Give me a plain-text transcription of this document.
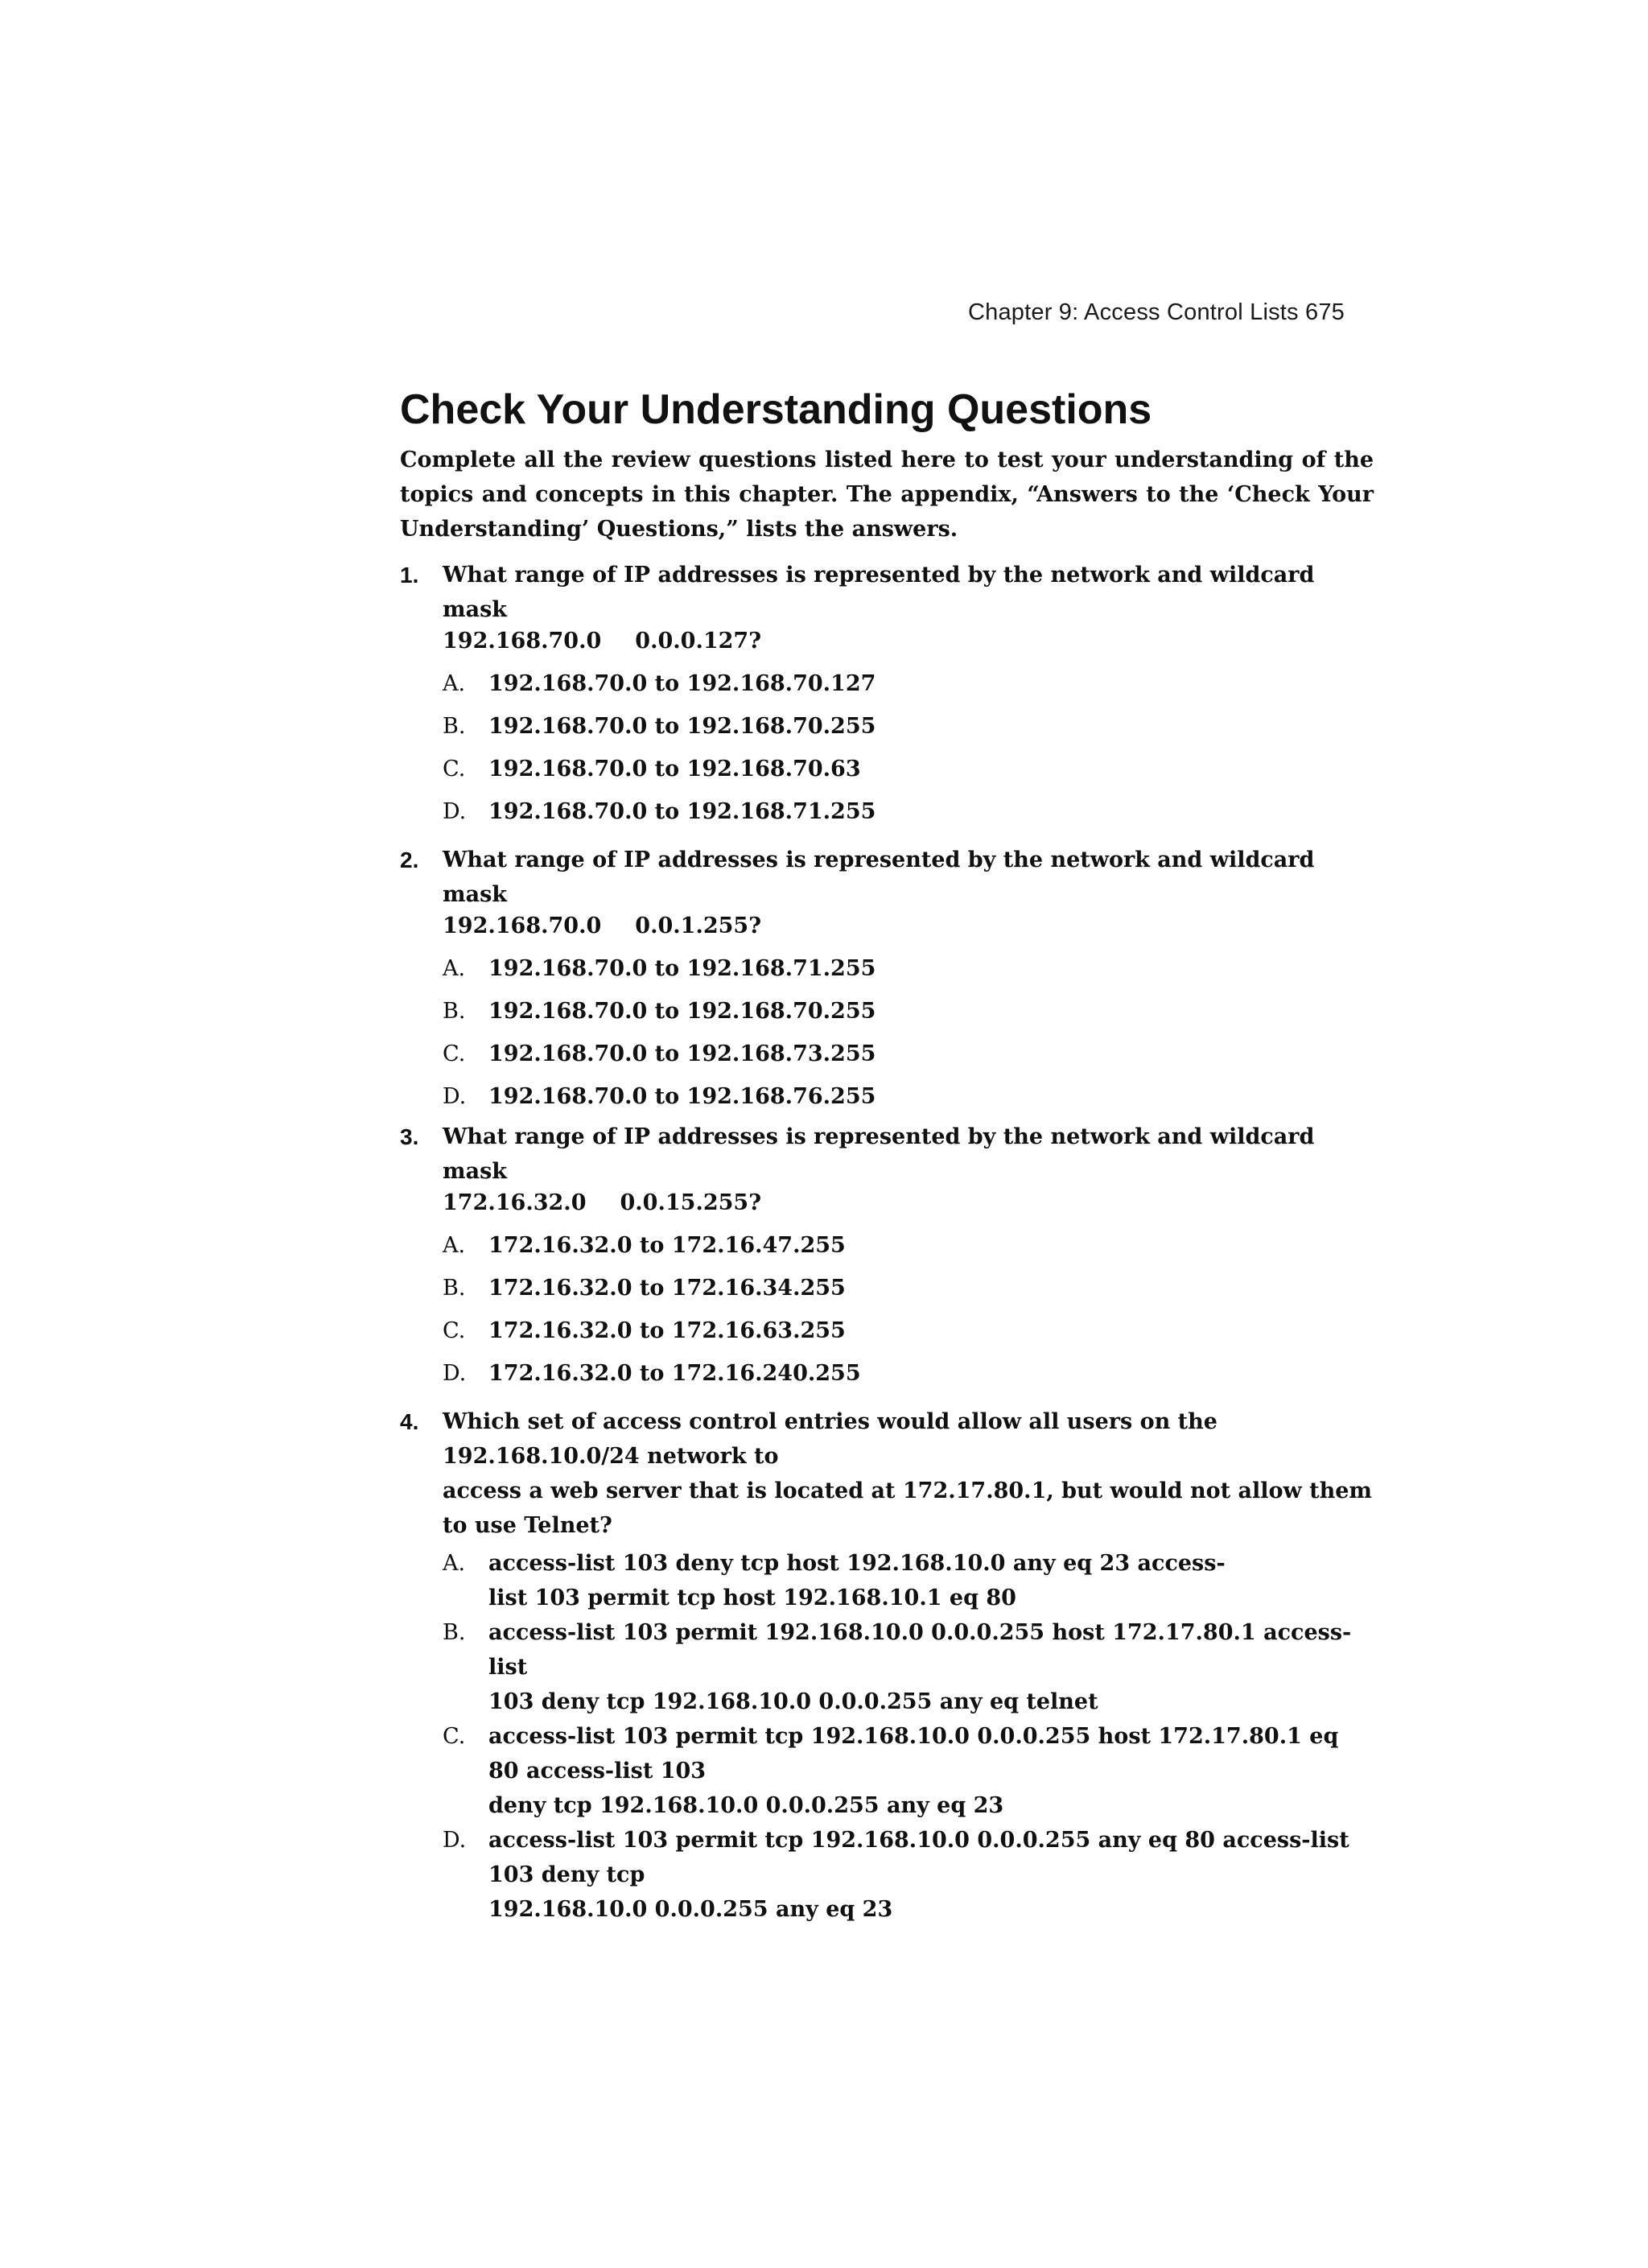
Chapter 9: Access Control Lists 675
Check Your Understanding Questions

Complete all the review questions listed here to test your understanding of the topics and concepts in this chapter. The appendix, “Answers to the ‘Check Your Understanding’ Questions,” lists the answers.

1. What range of IP addresses is represented by the network and wildcard mask
192.168.70.0 0.0.0.127?
A. 192.168.70.0 to 192.168.70.127
B. 192.168.70.0 to 192.168.70.255
C. 192.168.70.0 to 192.168.70.63
D. 192.168.70.0 to 192.168.71.255
2. What range of IP addresses is represented by the network and wildcard mask
192.168.70.0 0.0.1.255?
A. 192.168.70.0 to 192.168.71.255
B. 192.168.70.0 to 192.168.70.255
C. 192.168.70.0 to 192.168.73.255
D. 192.168.70.0 to 192.168.76.255
3. What range of IP addresses is represented by the network and wildcard mask
172.16.32.0 0.0.15.255?
A. 172.16.32.0 to 172.16.47.255
B. 172.16.32.0 to 172.16.34.255
C. 172.16.32.0 to 172.16.63.255
D. 172.16.32.0 to 172.16.240.255
4. Which set of access control entries would allow all users on the 192.168.10.0/24 network to
access a web server that is located at 172.17.80.1, but would not allow them to use Telnet?
A. access-list 103 deny tcp host 192.168.10.0 any eq 23 access-
list 103 permit tcp host 192.168.10.1 eq 80
B. access-list 103 permit 192.168.10.0 0.0.0.255 host 172.17.80.1 access-list
103 deny tcp 192.168.10.0 0.0.0.255 any eq telnet
C. access-list 103 permit tcp 192.168.10.0 0.0.0.255 host 172.17.80.1 eq 80 access-list 103
deny tcp 192.168.10.0 0.0.0.255 any eq 23
D. access-list 103 permit tcp 192.168.10.0 0.0.0.255 any eq 80 access-list 103 deny tcp
192.168.10.0 0.0.0.255 any eq 23
